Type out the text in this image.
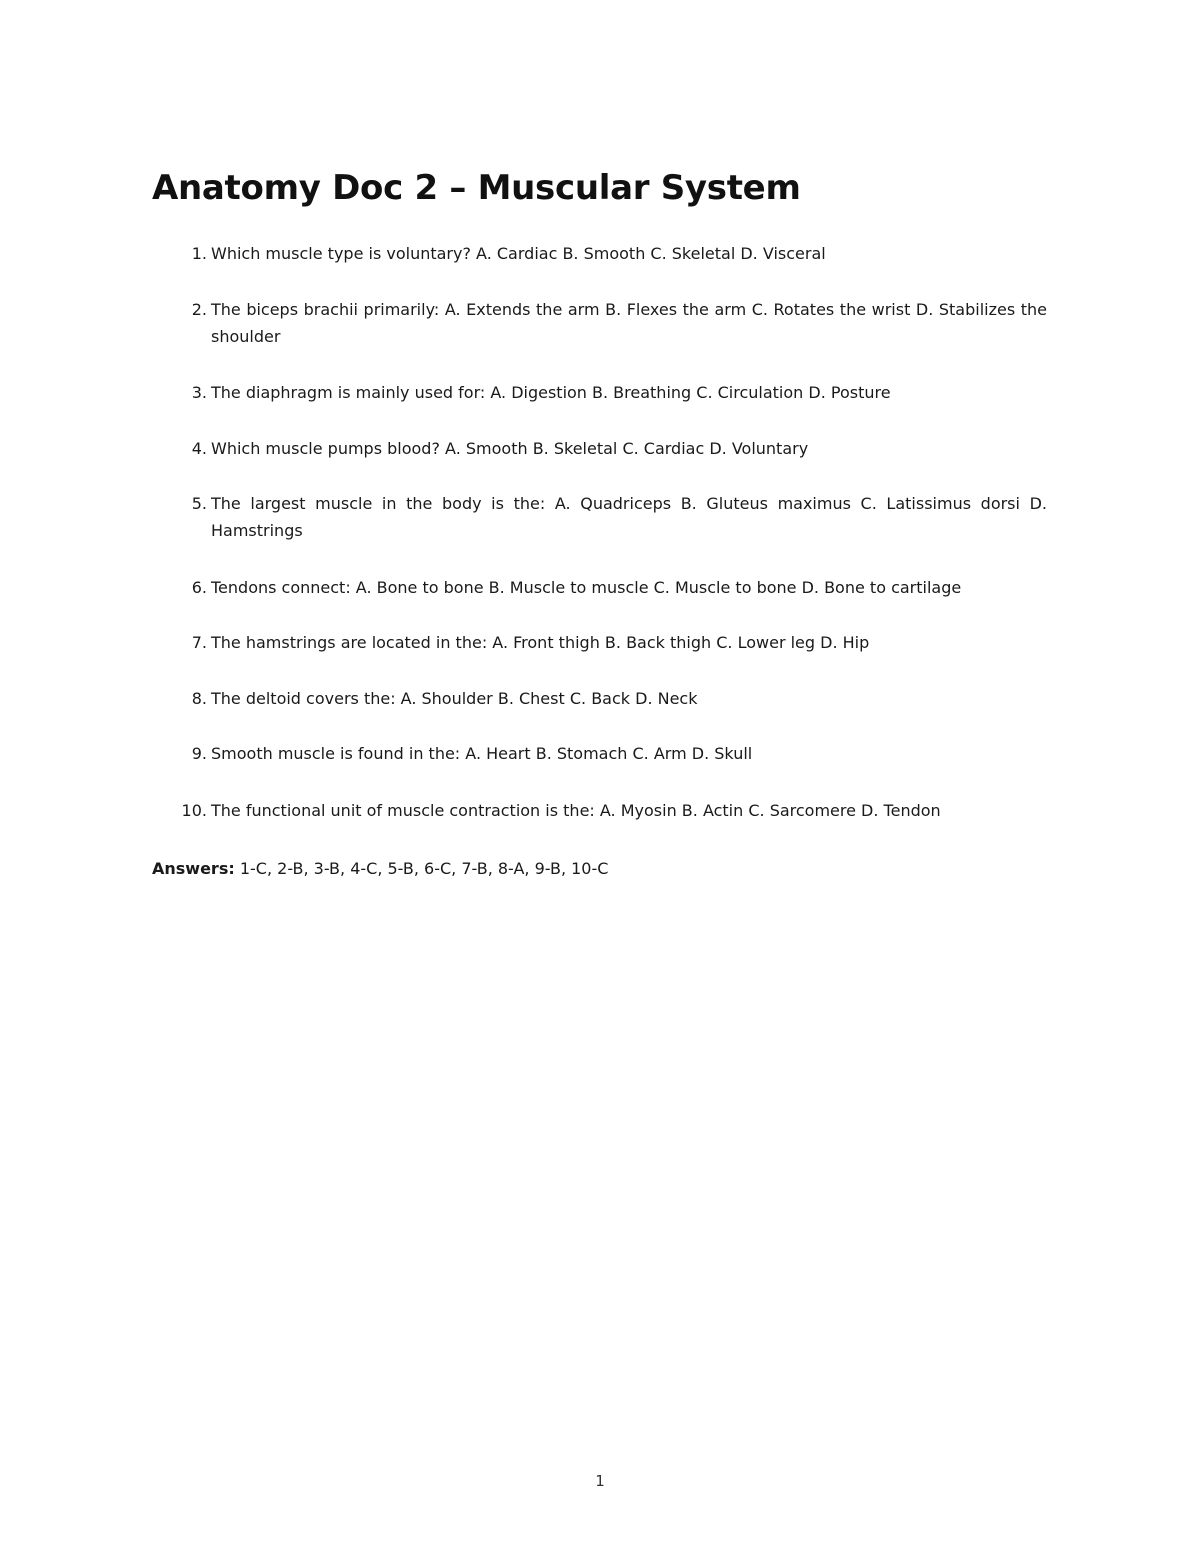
Anatomy Doc 2 – Muscular System
1. Which muscle type is voluntary? A. Cardiac B. Smooth C. Skeletal D. Visceral
2. The biceps brachii primarily: A. Extends the arm B. Flexes the arm C. Rotates the wrist D. Stabilizes the shoulder
3. The diaphragm is mainly used for: A. Digestion B. Breathing C. Circulation D. Posture
4. Which muscle pumps blood? A. Smooth B. Skeletal C. Cardiac D. Voluntary
5. The largest muscle in the body is the: A. Quadriceps B. Gluteus maximus C. Latissimus dorsi D. Hamstrings
6. Tendons connect: A. Bone to bone B. Muscle to muscle C. Muscle to bone D. Bone to cartilage
7. The hamstrings are located in the: A. Front thigh B. Back thigh C. Lower leg D. Hip
8. The deltoid covers the: A. Shoulder B. Chest C. Back D. Neck
9. Smooth muscle is found in the: A. Heart B. Stomach C. Arm D. Skull
10. The functional unit of muscle contraction is the: A. Myosin B. Actin C. Sarcomere D. Tendon
Answers: 1-C, 2-B, 3-B, 4-C, 5-B, 6-C, 7-B, 8-A, 9-B, 10-C
1
